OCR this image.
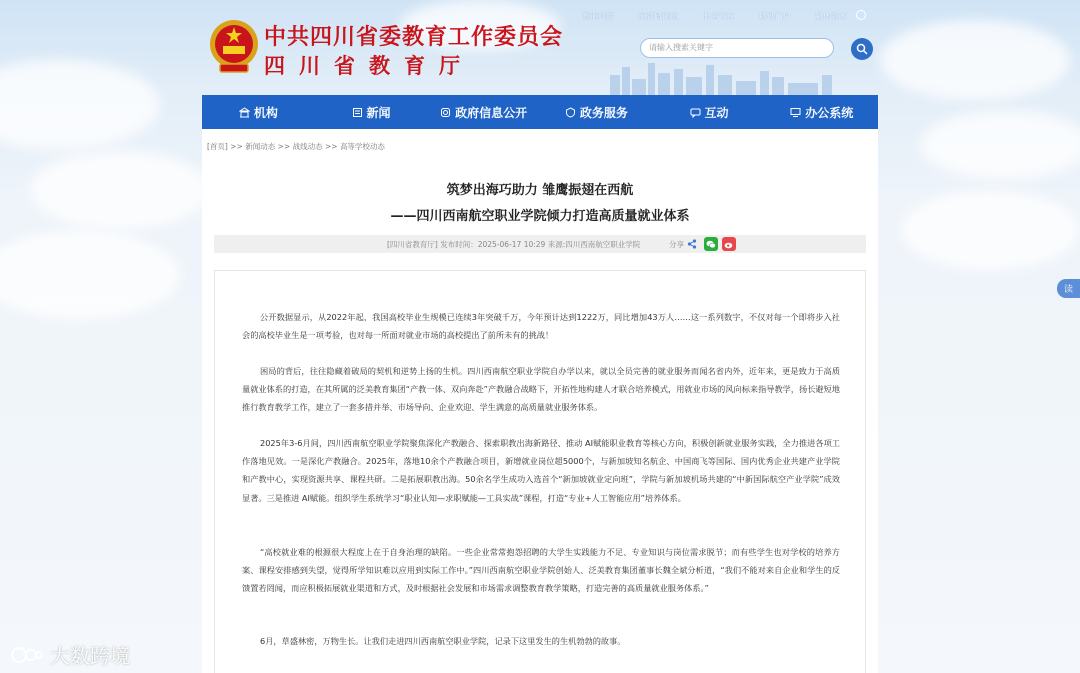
中共四川省委教育工作委员会
四川省教育厅
智能问答	无障碍浏览	长者专区	移动门户	繁体版本
请输入搜索关键字
机构	新闻	政府信息公开	政务服务	互动	办公系统
[首页] >> 新闻动态 >> 战线动态 >> 高等学校动态
筑梦出海巧助力 雏鹰振翅在西航
——四川西南航空职业学院倾力打造高质量就业体系
[四川省教育厅] 发布时间：2025-06-17 10:29 来源:四川西南航空职业学院	分享

公开数据显示，从2022年起，我国高校毕业生规模已连续3年突破千万，今年预计达到1222万，同比增加43万人……这一系列数字，不仅对每一个即将步入社会的高校毕业生是一项考验，也对每一所面对就业市场的高校提出了前所未有的挑战！

困局的背后，往往隐藏着破局的契机和逆势上扬的生机。四川西南航空职业学院自办学以来，就以全员完善的就业服务而闻名省内外，近年来，更是致力于高质量就业体系的打造，在其所属的泛美教育集团“产教一体、双向奔赴”产教融合战略下，开拓性地构建人才联合培养模式，用就业市场的风向标来指导教学，扬长避短地推行教育教学工作，建立了一套多措并举、市场导向、企业欢迎、学生满意的高质量就业服务体系。

2025年3-6月间，四川西南航空职业学院聚焦深化产教融合、探索职教出海新路径、推动 AI赋能职业教育等核心方向，积极创新就业服务实践，全力推进各项工作落地见效。一是深化产教融合。2025年，落地10余个产教融合项目，新增就业岗位超5000个，与新加坡知名航企、中国商飞等国际、国内优秀企业共建产业学院和产教中心，实现资源共享、课程共研。二是拓展职教出海。50余名学生成功入选首个“新加坡就业定向班”，学院与新加坡机场共建的“中新国际航空产业学院”成效显著。三是推进 AI赋能。组织学生系统学习“职业认知—求职赋能—工具实战”课程，打造“专业+人工智能应用”培养体系。

“高校就业难的根源很大程度上在于自身治理的缺陷。一些企业常常抱怨招聘的大学生实践能力不足、专业知识与岗位需求脱节；而有些学生也对学校的培养方案、课程安排感到失望，觉得所学知识难以应用到实际工作中。”四川西南航空职业学院创始人、泛美教育集团董事长魏全斌分析道，“我们不能对来自企业和学生的反馈置若罔闻，而应积极拓展就业渠道和方式，及时根据社会发展和市场需求调整教育教学策略，打造完善的高质量就业服务体系。”

6月，草盛林密，万物生长。让我们走进四川西南航空职业学院，记录下这里发生的生机勃勃的故事。

读
大数跨境
